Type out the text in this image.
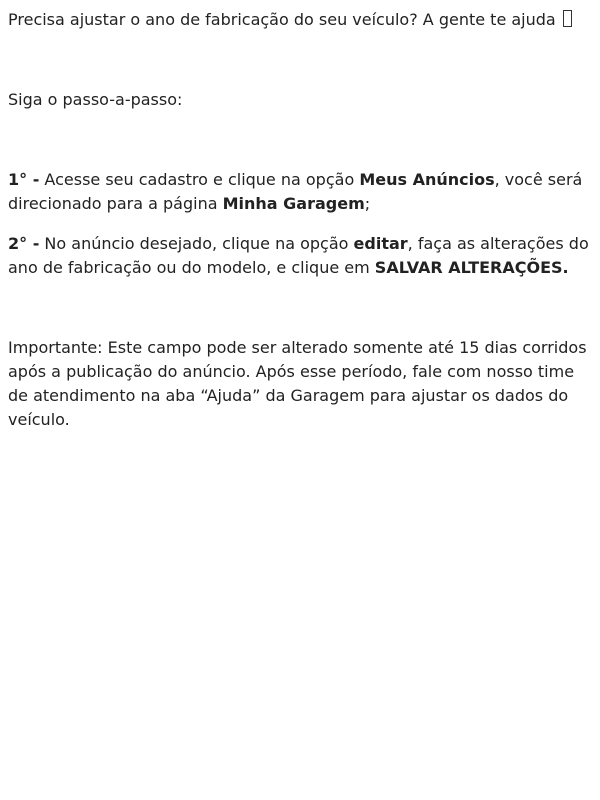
Precisa ajustar o ano de fabricação do seu veículo? A gente te ajuda

Siga o passo-a-passo:

1° - Acesse seu cadastro e clique na opção Meus Anúncios, você será direcionado para a página Minha Garagem;

2° - No anúncio desejado, clique na opção editar, faça as alterações do ano de fabricação ou do modelo, e clique em SALVAR ALTERAÇÕES.

Importante: Este campo pode ser alterado somente até 15 dias corridos após a publicação do anúncio. Após esse período, fale com nosso time de atendimento na aba “Ajuda” da Garagem para ajustar os dados do veículo.
